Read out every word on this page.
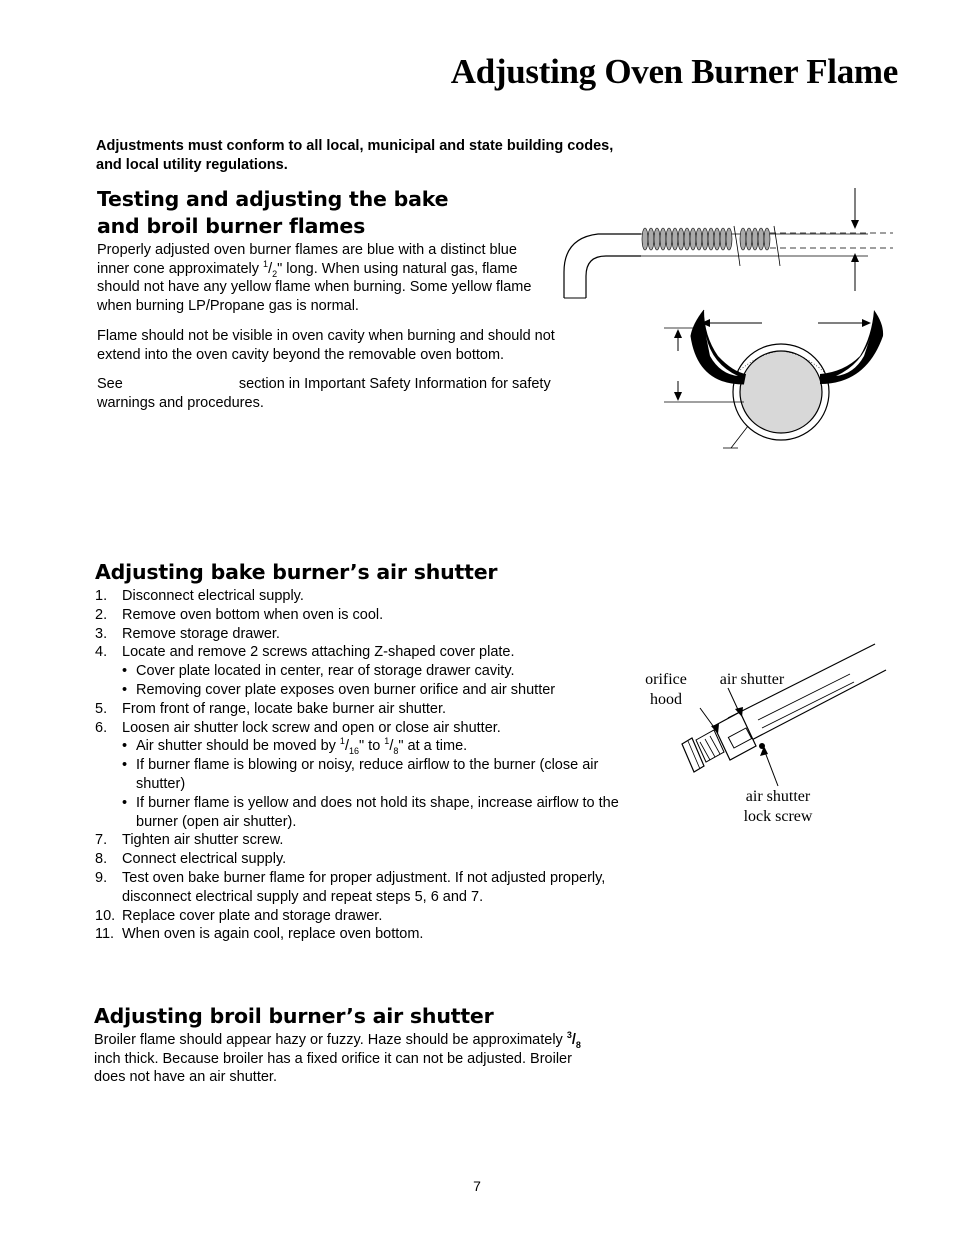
Adjusting Oven Burner Flame
Adjustments must conform to all local, municipal and state building codes, and local utility regulations.
Testing and adjusting the bake
and broil burner flames
Properly adjusted oven burner flames are blue with a distinct blue inner cone approximately $^1/_2$" long. When using natural gas, flame should not have any yellow flame when burning. Some yellow flame when burning LP/Propane gas is normal.
Flame should not be visible in oven cavity when burning and should not extend into the oven cavity beyond the removable oven bottom.
See	section in Important Safety Information for safety warnings and procedures.
Adjusting bake burner’s air shutter
1. Disconnect electrical supply.
2. Remove oven bottom when oven is cool.
3. Remove storage drawer.
4. Locate and remove 2 screws attaching Z-shaped cover plate.
• Cover plate located in center, rear of storage drawer cavity.
• Removing cover plate exposes oven burner orifice and air shutter
5. From front of range, locate bake burner air shutter.
6. Loosen air shutter lock screw and open or close air shutter.
• Air shutter should be moved by $^1/_{16}$" to $^1/_8$" at a time.
• If burner flame is blowing or noisy, reduce airflow to the burner (close air shutter)
• If burner flame is yellow and does not hold its shape, increase airflow to the burner (open air shutter).
7. Tighten air shutter screw.
8. Connect electrical supply.
9. Test oven bake burner flame for proper adjustment. If not adjusted properly, disconnect electrical supply and repeat steps 5, 6 and 7.
10. Replace cover plate and storage drawer.
11. When oven is again cool, replace oven bottom.
orifice
hood
air shutter
air shutter
lock screw
Adjusting broil burner’s air shutter
Broiler flame should appear hazy or fuzzy. Haze should be approximately $^3/_8$ inch thick. Because broiler has a fixed orifice it can not be adjusted. Broiler does not have an air shutter.
7
